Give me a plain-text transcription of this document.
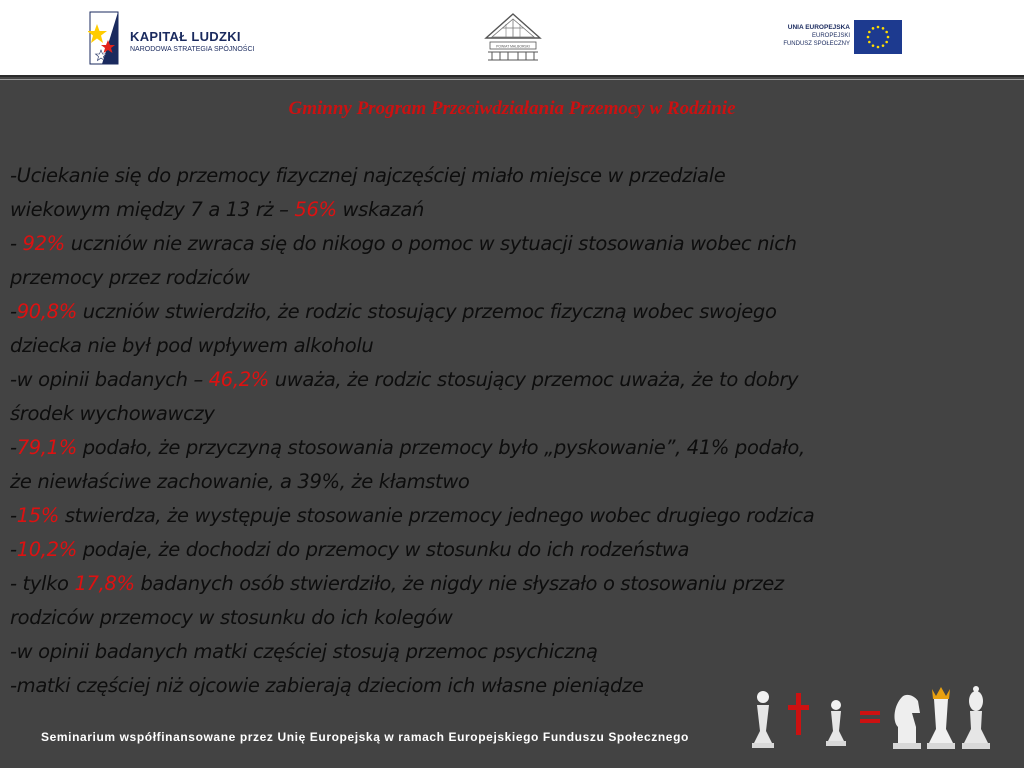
KAPITAŁ LUDZKI
NARODOWA STRATEGIA SPÓJNOŚCI	POWIAT MALBORSKI
UNIA EUROPEJSKA
EUROPEJSKI
FUNDUSZ SPOŁECZNY
Gminny Program Przeciwdziałania Przemocy w Rodzinie
-Uciekanie się do przemocy fizycznej najczęściej miało miejsce w przedziale
wiekowym między 7 a 13 rż – 56% wskazań
- 92% uczniów nie zwraca się do nikogo o pomoc w sytuacji stosowania wobec nich
przemocy przez rodziców
-90,8% uczniów stwierdziło, że rodzic stosujący przemoc fizyczną wobec swojego
dziecka nie był pod wpływem alkoholu
-w opinii badanych – 46,2% uważa, że rodzic stosujący przemoc uważa, że to dobry
środek wychowawczy
-79,1% podało, że przyczyną stosowania przemocy było „pyskowanie”, 41% podało,
że niewłaściwe zachowanie, a 39%, że kłamstwo
-15% stwierdza, że występuje stosowanie przemocy jednego wobec drugiego rodzica
-10,2% podaje, że dochodzi do przemocy w stosunku do ich rodzeństwa
- tylko 17,8% badanych osób stwierdziło, że nigdy nie słyszało o stosowaniu przez
rodziców przemocy w stosunku do ich kolegów
-w opinii badanych matki częściej stosują przemoc psychiczną
-matki częściej niż ojcowie zabierają dzieciom ich własne pieniądze
Seminarium współfinansowane przez Unię Europejską w ramach Europejskiego Funduszu Społecznego
